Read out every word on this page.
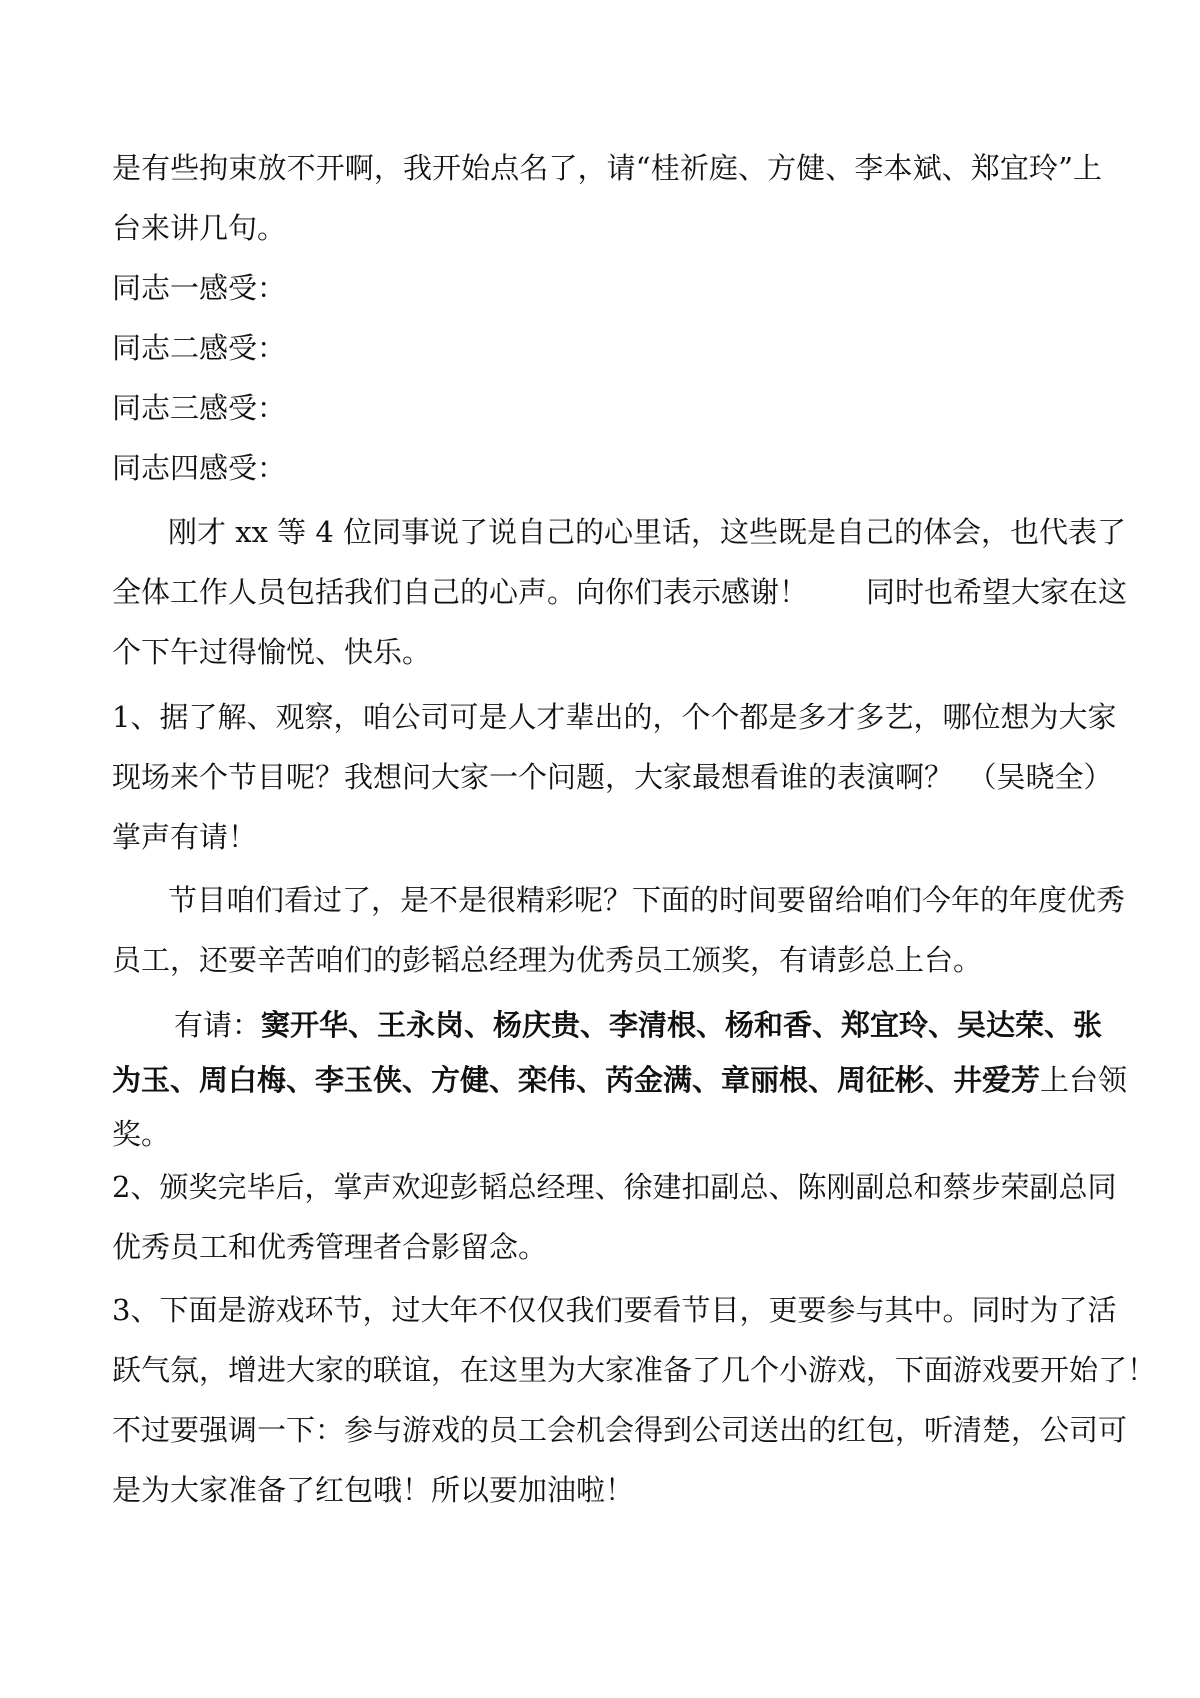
是有些拘束放不开啊，我开始点名了，请“桂祈庭、方健、李本斌、郑宜玲”上
台来讲几句。
同志一感受：
同志二感受：
同志三感受：
同志四感受：
刚才 xx 等 4 位同事说了说自己的心里话，这些既是自己的体会，也代表了
全体工作人员包括我们自己的心声。向你们表示感谢！　　同时也希望大家在这
个下午过得愉悦、快乐。
1、据了解、观察，咱公司可是人才辈出的，个个都是多才多艺，哪位想为大家
现场来个节目呢？我想问大家一个问题，大家最想看谁的表演啊？　（吴晓全）
掌声有请！
节目咱们看过了，是不是很精彩呢？下面的时间要留给咱们今年的年度优秀
员工，还要辛苦咱们的彭韬总经理为优秀员工颁奖，有请彭总上台。
有请：窦开华、王永岗、杨庆贵、李清根、杨和香、郑宜玲、吴达荣、张
为玉、周白梅、李玉侠、方健、栾伟、芮金满、章丽根、周征彬、井爱芳上台领
奖。
2、颁奖完毕后，掌声欢迎彭韬总经理、徐建扣副总、陈刚副总和蔡步荣副总同
优秀员工和优秀管理者合影留念。
3、下面是游戏环节，过大年不仅仅我们要看节目，更要参与其中。同时为了活
跃气氛，增进大家的联谊，在这里为大家准备了几个小游戏，下面游戏要开始了！
不过要强调一下：参与游戏的员工会机会得到公司送出的红包，听清楚，公司可
是为大家准备了红包哦！所以要加油啦！
